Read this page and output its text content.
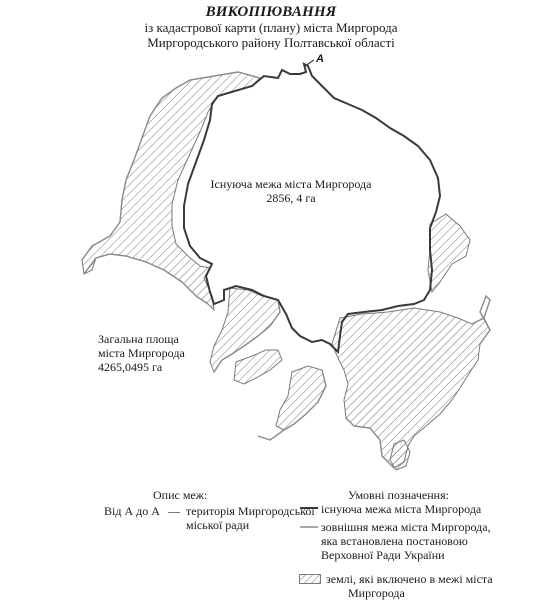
ВИКОПІЮВАННЯ
із кадастрової карти (плану) міста Миргорода
Миргородського району Полтавської області
А
Існуюча межа міста Миргорода
2856, 4 га
Загальна площа
міста Миргорода
4265,0495 га
Опис меж:
Від А до А — територія Миргородської
міської ради
Умовні позначення:
існуюча межа міста Миргорода
зовнішня межа міста Миргорода,
яка встановлена постановою
Верховної Ради України
землі, які включено в межі міста
Миргорода
